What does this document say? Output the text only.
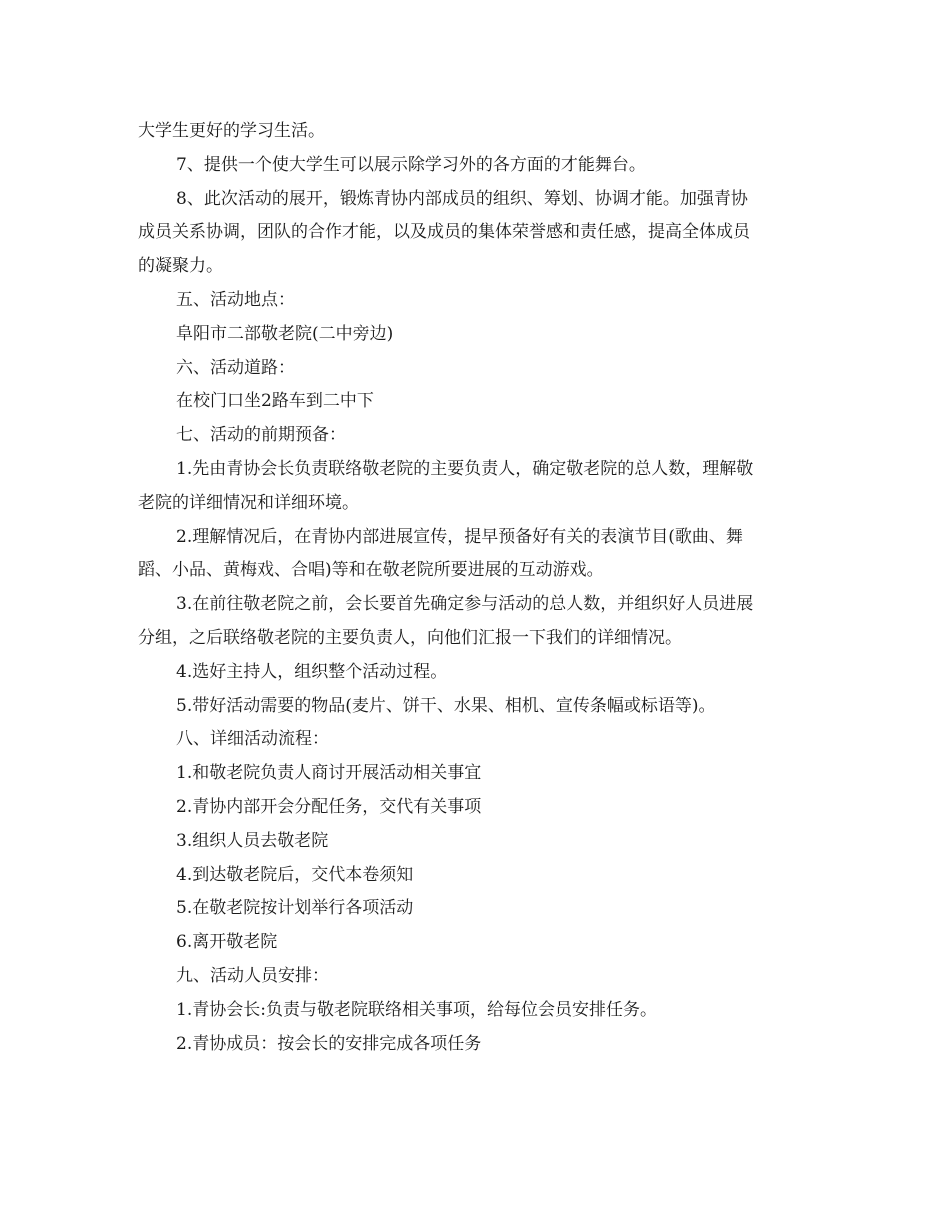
大学生更好的学习生活。
7、提供一个使大学生可以展示除学习外的各方面的才能舞台。
8、此次活动的展开，锻炼青协内部成员的组织、筹划、协调才能。加强青协
成员关系协调，团队的合作才能，以及成员的集体荣誉感和责任感，提高全体成员
的凝聚力。
五、活动地点：
阜阳市二部敬老院(二中旁边)
六、活动道路：
在校门口坐2路车到二中下
七、活动的前期预备：
1.先由青协会长负责联络敬老院的主要负责人，确定敬老院的总人数，理解敬
老院的详细情况和详细环境。
2.理解情况后，在青协内部进展宣传，提早预备好有关的表演节目(歌曲、舞
蹈、小品、黄梅戏、合唱)等和在敬老院所要进展的互动游戏。
3.在前往敬老院之前，会长要首先确定参与活动的总人数，并组织好人员进展
分组，之后联络敬老院的主要负责人，向他们汇报一下我们的详细情况。
4.选好主持人，组织整个活动过程。
5.带好活动需要的物品(麦片、饼干、水果、相机、宣传条幅或标语等)。
八、详细活动流程：
1.和敬老院负责人商讨开展活动相关事宜
2.青协内部开会分配任务，交代有关事项
3.组织人员去敬老院
4.到达敬老院后，交代本卷须知
5.在敬老院按计划举行各项活动
6.离开敬老院
九、活动人员安排：
1.青协会长:负责与敬老院联络相关事项，给每位会员安排任务。
2.青协成员：按会长的安排完成各项任务
